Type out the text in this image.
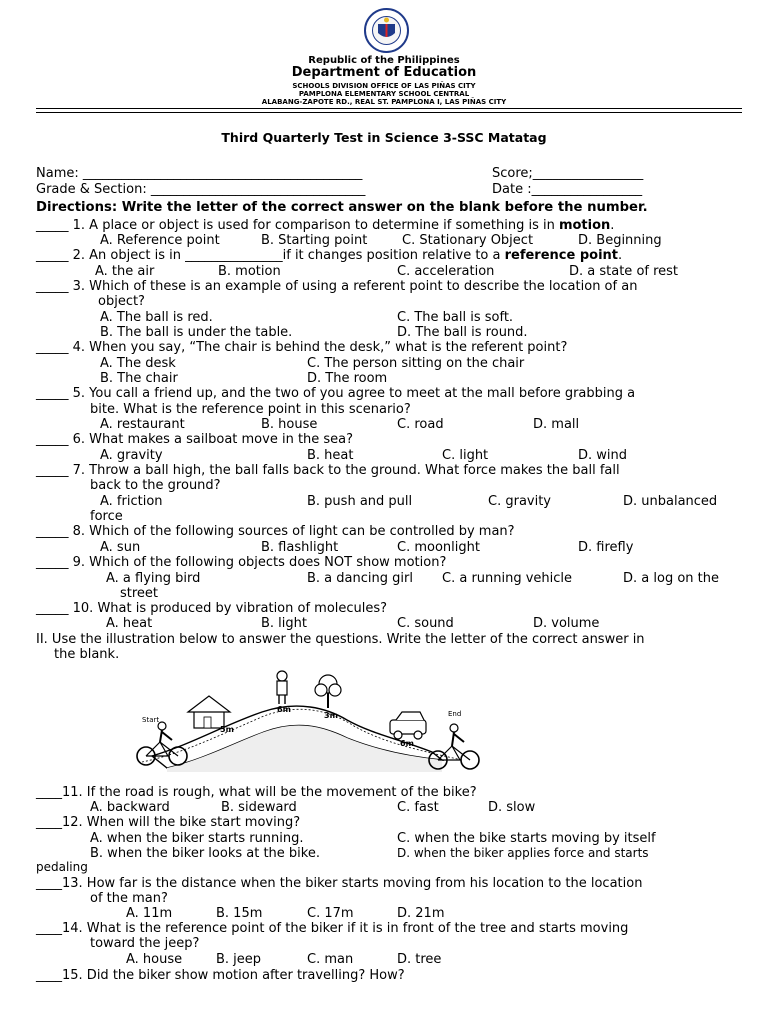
Republic of the Philippines
Department of Education
SCHOOLS DIVISION OFFICE OF LAS PIÑAS CITY
PAMPLONA ELEMENTARY SCHOOL CENTRAL
ALABANG-ZAPOTE RD., REAL ST. PAMPLONA I, LAS PIÑAS CITY
Third Quarterly Test in Science 3-SSC Matatag
Name: ___________________________________________	Score;_________________
Grade & Section: _________________________________	Date :_________________
Directions: Write the letter of the correct answer on the blank before the number.
_____ 1. A place or object is used for comparison to determine if something is in motion.
A. Reference point	B. Starting point	C. Stationary Object	D. Beginning
_____ 2. An object is in _______________if it changes position relative to a reference point.
A. the air	B. motion	C. acceleration	D. a state of rest
_____ 3. Which of these is an example of using a referent point to describe the location of an
object?
A. The ball is red.	C. The ball is soft.
B. The ball is under the table.	D. The ball is round.
_____ 4. When you say, “The chair is behind the desk,” what is the referent point?
A. The desk	C. The person sitting on the chair
B. The chair	D. The room
_____ 5. You call a friend up, and the two of you agree to meet at the mall before grabbing a
bite. What is the reference point in this scenario?
A. restaurant	B. house	C. road	D. mall
_____ 6. What makes a sailboat move in the sea?
A. gravity	B. heat	C. light	D. wind
_____ 7. Throw a ball high, the ball falls back to the ground. What force makes the ball fall
back to the ground?
A. friction	B. push and pull	C. gravity	D. unbalanced
force
_____ 8. Which of the following sources of light can be controlled by man?
A. sun	B. flashlight	C. moonlight	D. firefly
_____ 9. Which of the following objects does NOT show motion?
A. a flying bird	B. a dancing girl C. a running vehicle	D. a log on the
street
_____ 10. What is produced by vibration of molecules?
A. heat	B. light	C. sound	D. volume
II. Use the illustration below to answer the questions. Write the letter of the correct answer in
the blank.
Start
End
5m
6m
3m
6m
____11. If the road is rough, what will be the movement of the bike?
A. backward	B. sideward	C. fast	D. slow
____12. When will the bike start moving?
A. when the biker starts running.	C. when the bike starts moving by itself
B. when the biker looks at the bike.	D. when the biker applies force and starts
pedaling
____13. How far is the distance when the biker starts moving from his location to the location
of the man?
A. 11m	B. 15m	C. 17m	D. 21m
____14. What is the reference point of the biker if it is in front of the tree and starts moving
toward the jeep?
A. house	B. jeep	C. man	D. tree
____15. Did the biker show motion after travelling? How?
